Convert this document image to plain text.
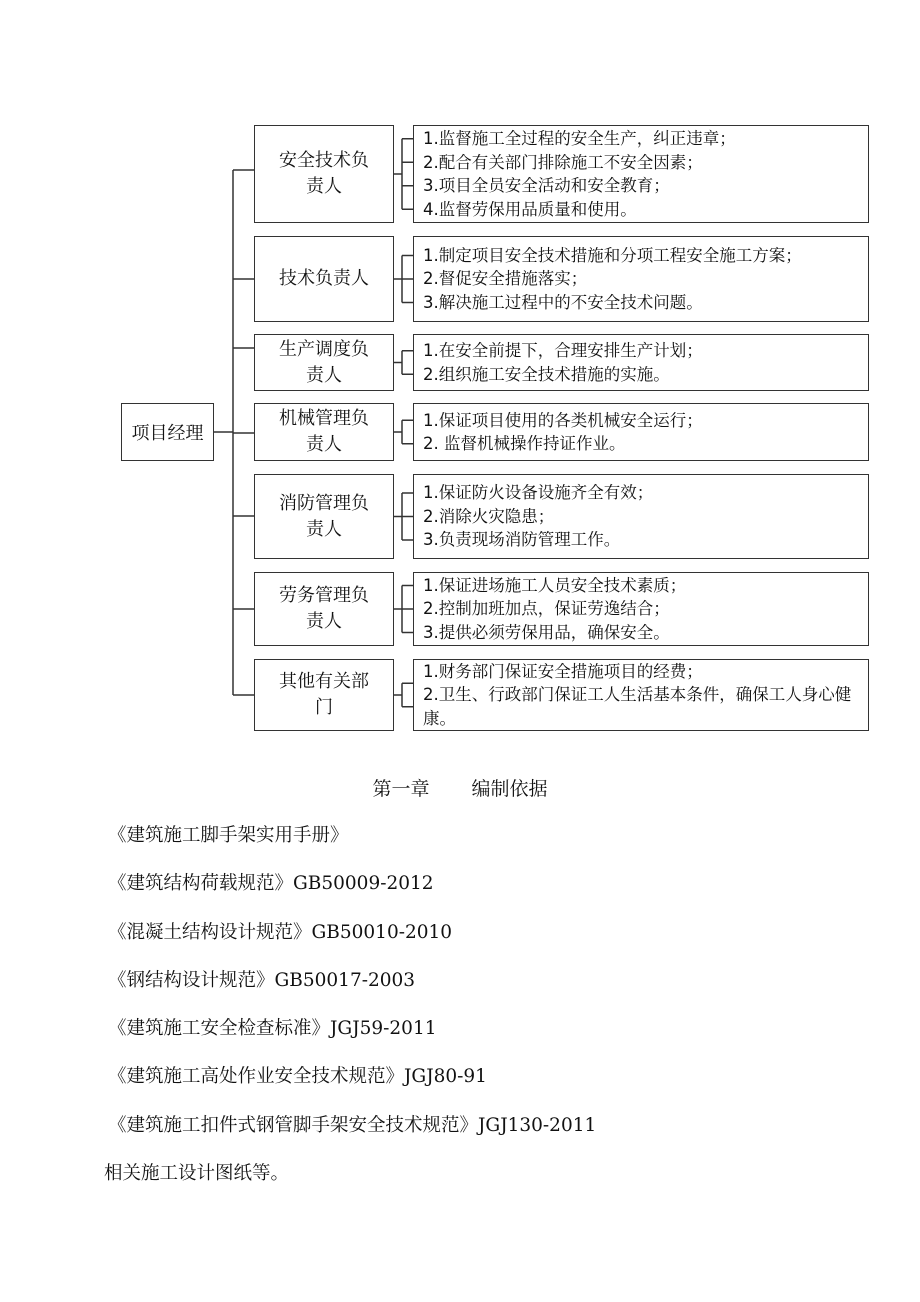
项目经理
安全技术负责人
1.监督施工全过程的安全生产，纠正违章；
2.配合有关部门排除施工不安全因素；
3.项目全员安全活动和安全教育；
4.监督劳保用品质量和使用。
技术负责人
1.制定项目安全技术措施和分项工程安全施工方案；
2.督促安全措施落实；
3.解决施工过程中的不安全技术问题。
生产调度负责人
1.在安全前提下，合理安排生产计划；
2.组织施工安全技术措施的实施。
机械管理负责人
1.保证项目使用的各类机械安全运行；
2. 监督机械操作持证作业。
消防管理负责人
1.保证防火设备设施齐全有效；
2.消除火灾隐患；
3.负责现场消防管理工作。
劳务管理负责人
1.保证进场施工人员安全技术素质；
2.控制加班加点，保证劳逸结合；
3.提供必须劳保用品，确保安全。
其他有关部门
1.财务部门保证安全措施项目的经费；
2.卫生、行政部门保证工人生活基本条件，确保工人身心健康。
第一章 编制依据
《建筑施工脚手架实用手册》
《建筑结构荷载规范》GB50009-2012
《混凝土结构设计规范》GB50010-2010
《钢结构设计规范》GB50017-2003
《建筑施工安全检查标准》JGJ59-2011
《建筑施工高处作业安全技术规范》JGJ80-91
《建筑施工扣件式钢管脚手架安全技术规范》JGJ130-2011
相关施工设计图纸等。
